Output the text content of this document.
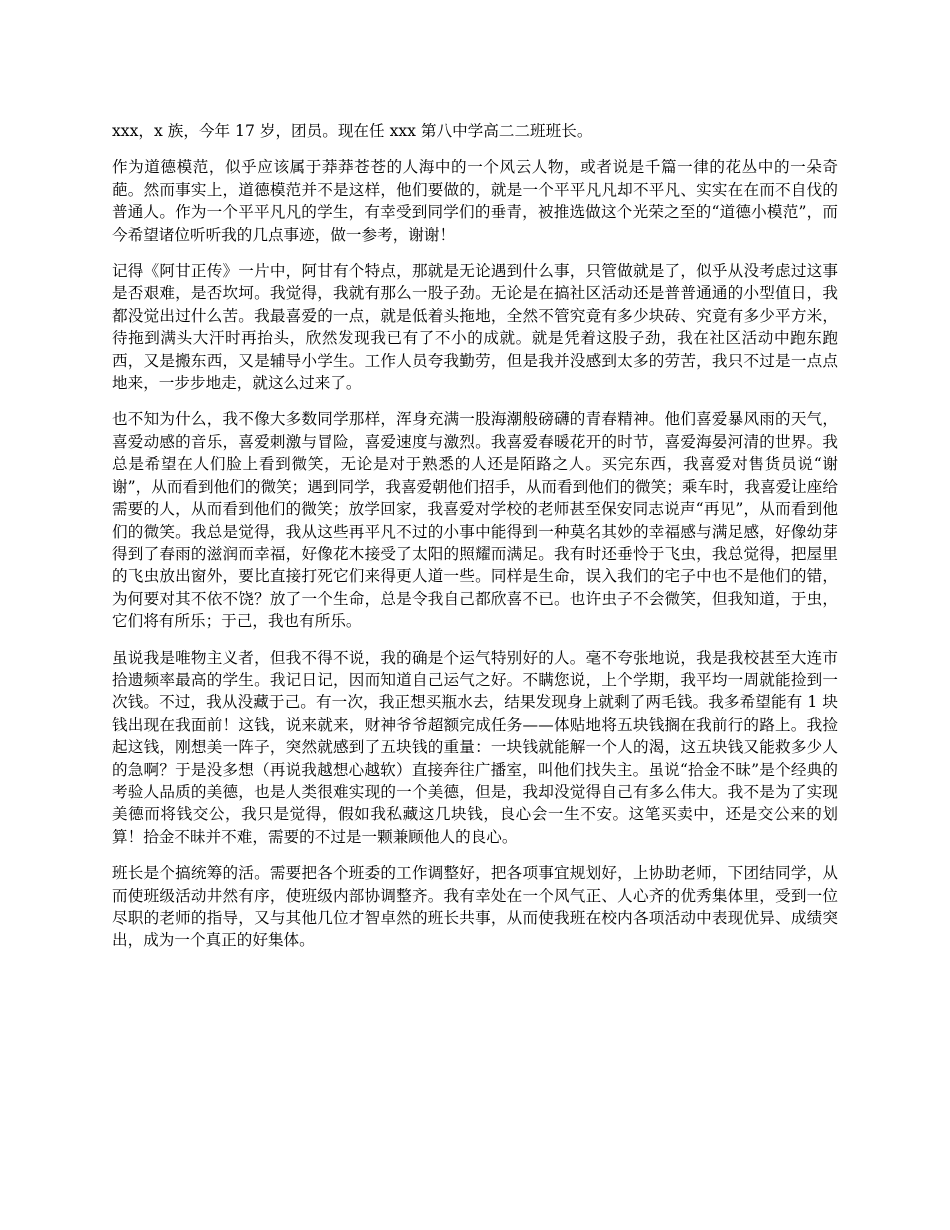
xxx，x 族，今年 17 岁，团员。现在任 xxx 第八中学高二二班班长。

作为道德模范，似乎应该属于莽莽苍苍的人海中的一个风云人物，或者说是千篇一律的花丛中的一朵奇葩。然而事实上，道德模范并不是这样，他们要做的，就是一个平平凡凡却不平凡、实实在在而不自伐的普通人。作为一个平平凡凡的学生，有幸受到同学们的垂青，被推选做这个光荣之至的“道德小模范”，而今希望诸位听听我的几点事迹，做一参考，谢谢！

记得《阿甘正传》一片中，阿甘有个特点，那就是无论遇到什么事，只管做就是了，似乎从没考虑过这事是否艰难，是否坎坷。我觉得，我就有那么一股子劲。无论是在搞社区活动还是普普通通的小型值日，我都没觉出过什么苦。我最喜爱的一点，就是低着头拖地，全然不管究竟有多少块砖、究竟有多少平方米，待拖到满头大汗时再抬头，欣然发现我已有了不小的成就。就是凭着这股子劲，我在社区活动中跑东跑西，又是搬东西，又是辅导小学生。工作人员夸我勤劳，但是我并没感到太多的劳苦，我只不过是一点点地来，一步步地走，就这么过来了。

也不知为什么，我不像大多数同学那样，浑身充满一股海潮般磅礴的青春精神。他们喜爱暴风雨的天气，喜爱动感的音乐，喜爱刺激与冒险，喜爱速度与激烈。我喜爱春暖花开的时节，喜爱海晏河清的世界。我总是希望在人们脸上看到微笑，无论是对于熟悉的人还是陌路之人。买完东西，我喜爱对售货员说“谢谢”，从而看到他们的微笑；遇到同学，我喜爱朝他们招手，从而看到他们的微笑；乘车时，我喜爱让座给需要的人，从而看到他们的微笑；放学回家，我喜爱对学校的老师甚至保安同志说声“再见”，从而看到他们的微笑。我总是觉得，我从这些再平凡不过的小事中能得到一种莫名其妙的幸福感与满足感，好像幼芽得到了春雨的滋润而幸福，好像花木接受了太阳的照耀而满足。我有时还垂怜于飞虫，我总觉得，把屋里的飞虫放出窗外，要比直接打死它们来得更人道一些。同样是生命，误入我们的宅子中也不是他们的错，为何要对其不依不饶？放了一个生命，总是令我自己都欣喜不已。也许虫子不会微笑，但我知道，于虫，它们将有所乐；于己，我也有所乐。

虽说我是唯物主义者，但我不得不说，我的确是个运气特别好的人。毫不夸张地说，我是我校甚至大连市拾遗频率最高的学生。我记日记，因而知道自己运气之好。不瞒您说，上个学期，我平均一周就能捡到一次钱。不过，我从没藏于己。有一次，我正想买瓶水去，结果发现身上就剩了两毛钱。我多希望能有 1 块钱出现在我面前！这钱，说来就来，财神爷爷超额完成任务——体贴地将五块钱搁在我前行的路上。我捡起这钱，刚想美一阵子，突然就感到了五块钱的重量：一块钱就能解一个人的渴，这五块钱又能救多少人的急啊？于是没多想（再说我越想心越软）直接奔往广播室，叫他们找失主。虽说“拾金不昧”是个经典的考验人品质的美德，也是人类很难实现的一个美德，但是，我却没觉得自己有多么伟大。我不是为了实现美德而将钱交公，我只是觉得，假如我私藏这几块钱，良心会一生不安。这笔买卖中，还是交公来的划算！拾金不昧并不难，需要的不过是一颗兼顾他人的良心。

班长是个搞统筹的活。需要把各个班委的工作调整好，把各项事宜规划好，上协助老师，下团结同学，从而使班级活动井然有序，使班级内部协调整齐。我有幸处在一个风气正、人心齐的优秀集体里，受到一位尽职的老师的指导，又与其他几位才智卓然的班长共事，从而使我班在校内各项活动中表现优异、成绩突出，成为一个真正的好集体。
